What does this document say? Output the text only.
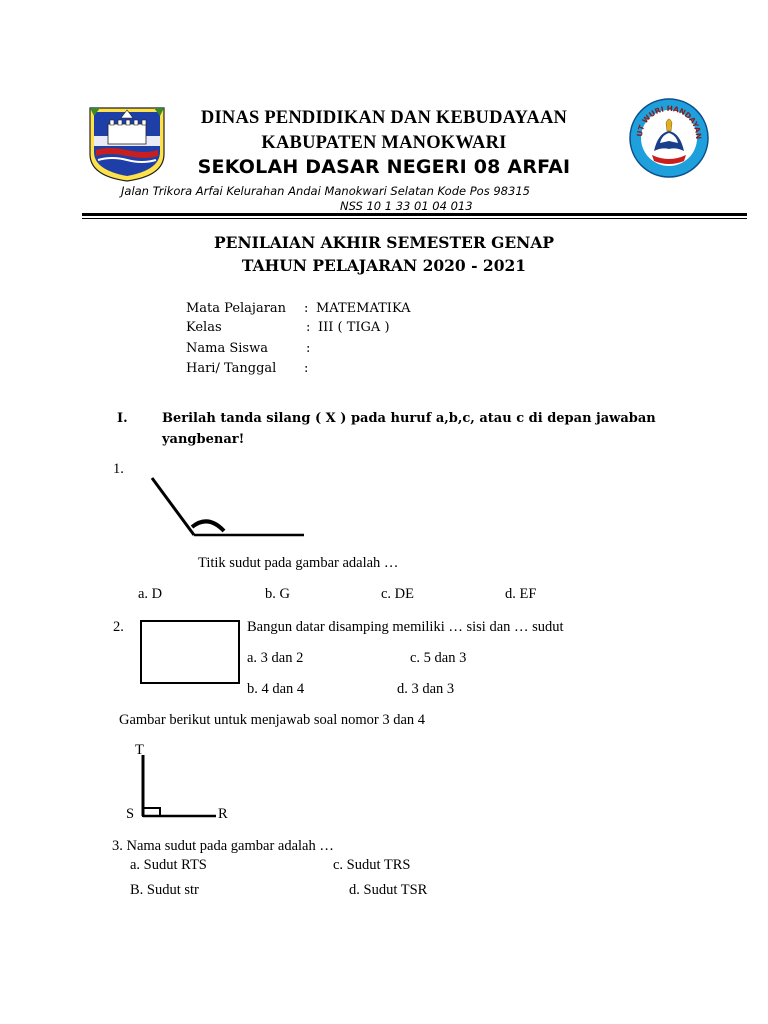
TUT WURI HANDAYANI
DINAS PENDIDIKAN DAN KEBUDAYAAN
KABUPATEN MANOKWARI
SEKOLAH DASAR NEGERI 08 ARFAI
Jalan Trikora Arfai Kelurahan Andai Manokwari Selatan Kode Pos 98315
NSS 10 1 33 01 04 013
PENILAIAN AKHIR SEMESTER GENAP
TAHUN PELAJARAN 2020 - 2021
Mata Pelajaran : MATEMATIKA
Kelas	: III ( TIGA )
Nama Siswa	:
Hari/ Tanggal :
I.	Berilah tanda silang ( X ) pada huruf a,b,c, atau c di depan jawaban
yangbenar!
1.
Titik sudut pada gambar adalah …
a. D	b. G	c. DE	d. EF
2.	Bangun datar disamping memiliki … sisi dan … sudut
a. 3 dan 2	c. 5 dan 3
b. 4 dan 4	d. 3 dan 3
Gambar berikut untuk menjawab soal nomor 3 dan 4
T
S	R
3. Nama sudut pada gambar adalah …
a. Sudut RTS	c. Sudut TRS
B. Sudut str	d. Sudut TSR
